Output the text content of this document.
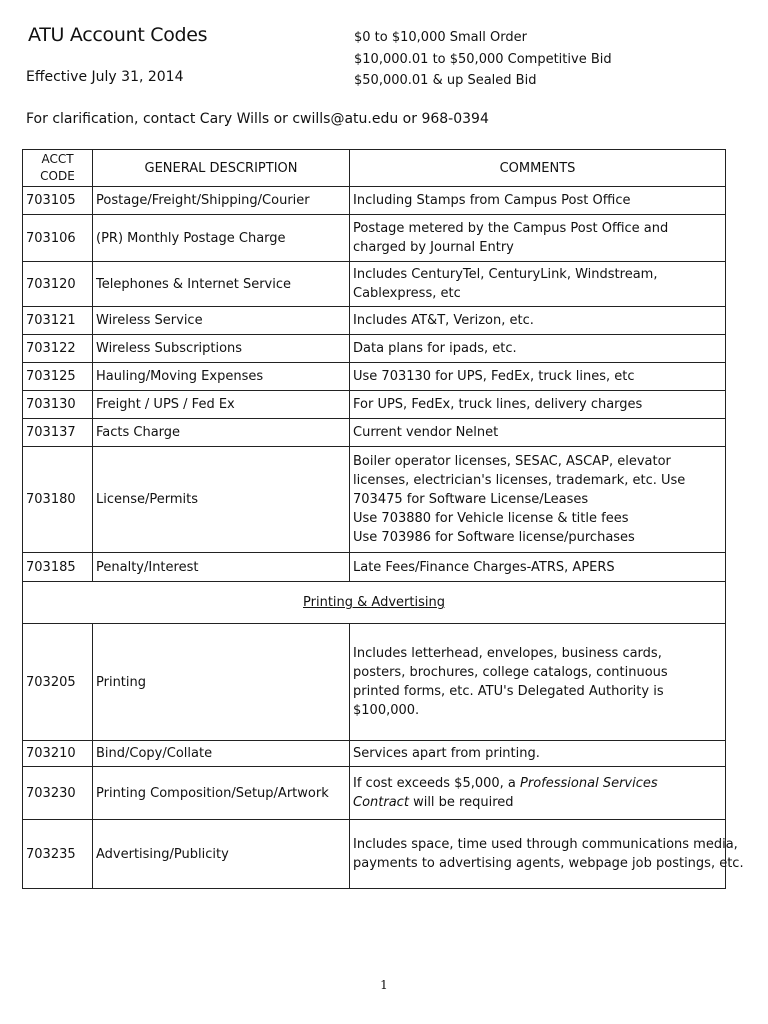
ATU Account Codes
Effective July 31, 2014
$0 to $10,000 Small Order
$10,000.01 to $50,000 Competitive Bid
$50,000.01 & up Sealed Bid
For clarification, contact Cary Wills or cwills@atu.edu or 968-0394
ACCT
CODE	GENERAL DESCRIPTION	COMMENTS
703105	Postage/Freight/Shipping/Courier	Including Stamps from Campus Post Office

703106	(PR) Monthly Postage Charge	Postage metered by the Campus Post Office and
charged by Journal Entry

703120	Telephones & Internet Service	Includes CenturyTel, CenturyLink, Windstream,
Cablexpress, etc

703121	Wireless Service	Includes AT&T, Verizon, etc.

703122	Wireless Subscriptions	Data plans for ipads, etc.

703125	Hauling/Moving Expenses	Use 703130 for UPS, FedEx, truck lines, etc

703130	Freight / UPS / Fed Ex	For UPS, FedEx, truck lines, delivery charges

703137	Facts Charge	Current vendor Nelnet

703180	License/Permits	Boiler operator licenses, SESAC, ASCAP, elevator
licenses, electrician's licenses, trademark, etc. Use
703475 for Software License/Leases
Use 703880 for Vehicle license & title fees
Use 703986 for Software license/purchases

703185	Penalty/Interest	Late Fees/Finance Charges-ATRS, APERS

Printing & Advertising		
703205	Printing	Includes letterhead, envelopes, business cards,
posters, brochures, college catalogs, continuous
printed forms, etc. ATU's Delegated Authority is
$100,000.

703210	Bind/Copy/Collate	Services apart from printing.

703230	Printing Composition/Setup/Artwork	If cost exceeds $5,000, a Professional Services
Contract will be required

703235	Advertising/Publicity	Includes space, time used through communications media,
payments to advertising agents, webpage job postings, etc.
1
